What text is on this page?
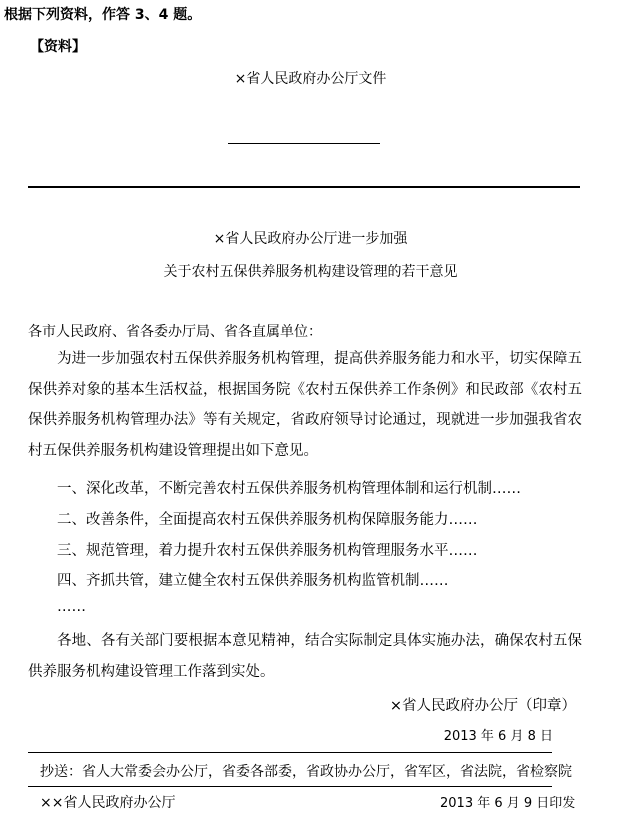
根据下列资料，作答 3、4 题。
【资料】
×省人民政府办公厅文件
×省人民政府办公厅进一步加强
关于农村五保供养服务机构建设管理的若干意见
各市人民政府、省各委办厅局、省各直属单位：
为进一步加强农村五保供养服务机构管理，提高供养服务能力和水平，切实保障五保供养对象的基本生活权益，根据国务院《农村五保供养工作条例》和民政部《农村五保供养服务机构管理办法》等有关规定，省政府领导讨论通过，现就进一步加强我省农村五保供养服务机构建设管理提出如下意见。
一、深化改革，不断完善农村五保供养服务机构管理体制和运行机制……
二、改善条件，全面提高农村五保供养服务机构保障服务能力……
三、规范管理，着力提升农村五保供养服务机构管理服务水平……
四、齐抓共管，建立健全农村五保供养服务机构监管机制……
……
各地、各有关部门要根据本意见精神，结合实际制定具体实施办法，确保农村五保供养服务机构建设管理工作落到实处。
×省人民政府办公厅（印章）
2013 年 6 月 8 日
抄送：省人大常委会办公厅，省委各部委，省政协办公厅，省军区，省法院，省检察院
××省人民政府办公厅	2013 年 6 月 9 日印发
